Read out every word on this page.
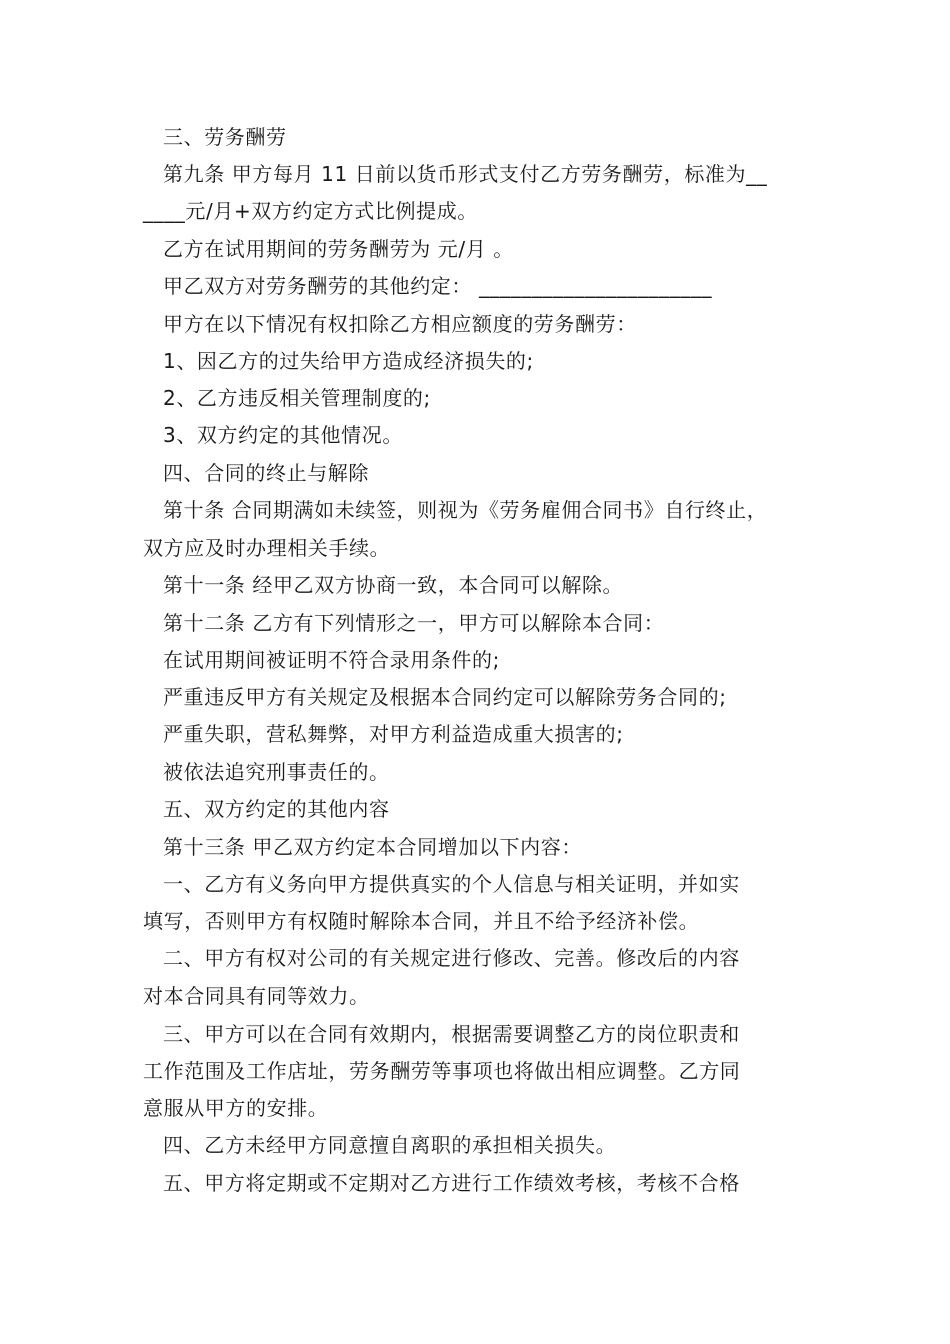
三、劳务酬劳
第九条 甲方每月 11 日前以货币形式支付乙方劳务酬劳，标准为__
____元/月+双方约定方式比例提成。
乙方在试用期间的劳务酬劳为 元/月 。
甲乙双方对劳务酬劳的其他约定： ______________________
甲方在以下情况有权扣除乙方相应额度的劳务酬劳：
1、因乙方的过失给甲方造成经济损失的;
2、乙方违反相关管理制度的;
3、双方约定的其他情况。
四、合同的终止与解除
第十条 合同期满如未续签，则视为《劳务雇佣合同书》自行终止，
双方应及时办理相关手续。
第十一条 经甲乙双方协商一致，本合同可以解除。
第十二条 乙方有下列情形之一，甲方可以解除本合同：
在试用期间被证明不符合录用条件的;
严重违反甲方有关规定及根据本合同约定可以解除劳务合同的;
严重失职，营私舞弊，对甲方利益造成重大损害的;
被依法追究刑事责任的。
五、双方约定的其他内容
第十三条 甲乙双方约定本合同增加以下内容：
一、乙方有义务向甲方提供真实的个人信息与相关证明，并如实
填写，否则甲方有权随时解除本合同，并且不给予经济补偿。
二、甲方有权对公司的有关规定进行修改、完善。修改后的内容
对本合同具有同等效力。
三、甲方可以在合同有效期内，根据需要调整乙方的岗位职责和
工作范围及工作店址，劳务酬劳等事项也将做出相应调整。乙方同
意服从甲方的安排。
四、乙方未经甲方同意擅自离职的承担相关损失。
五、甲方将定期或不定期对乙方进行工作绩效考核，考核不合格
